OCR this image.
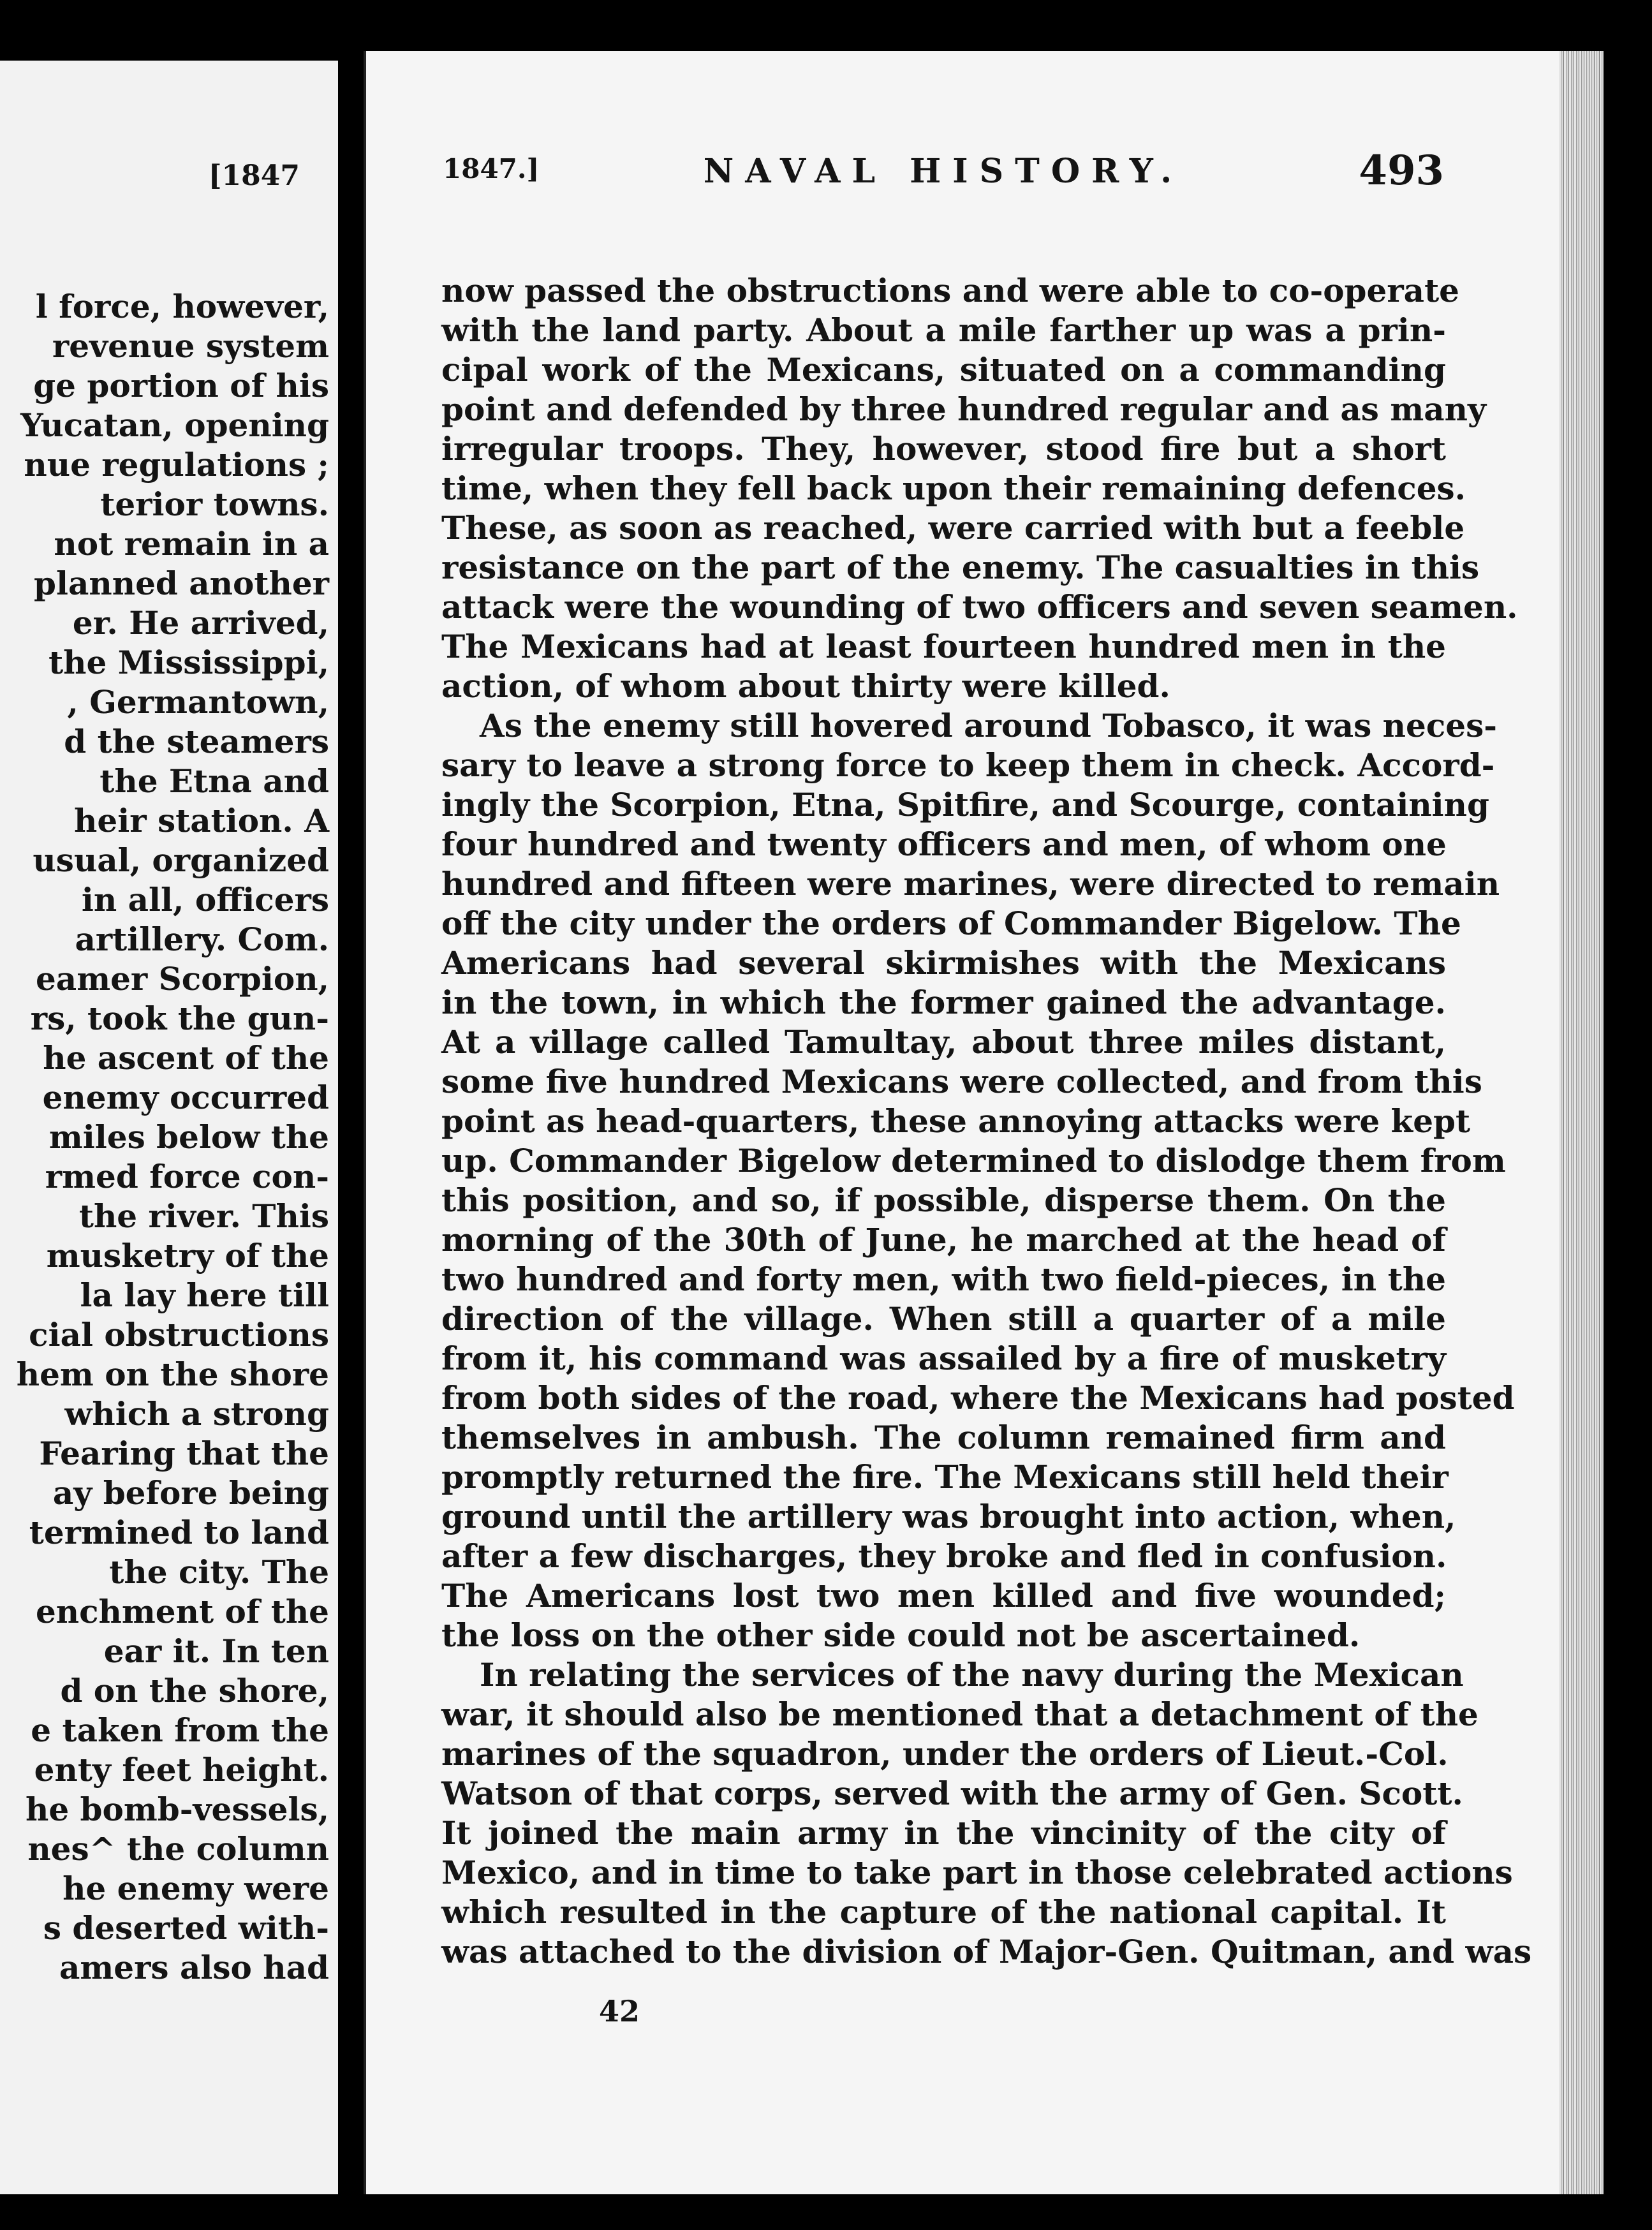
[1847
l force, however,
revenue system
ge portion of his
Yucatan, opening
nue regulations ;
terior towns.
not remain in a
planned another
er. He arrived,
the Mississippi,
, Germantown,
d the steamers
the Etna and
heir station. A
usual, organized
in all, officers
artillery. Com.
eamer Scorpion,
rs, took the gun-
he ascent of the
enemy occurred
miles below the
rmed force con-
the river. This
musketry of the
la lay here till
cial obstructions
hem on the shore
which a strong
Fearing that the
ay before being
termined to land
the city. The
enchment of the
ear it. In ten
d on the shore,
e taken from the
enty feet height.
he bomb-vessels,
nes^ the column
he enemy were
s deserted with-
amers also had
1847.]	NAVAL HISTORY.	493
now passed the obstructions and were able to co-operate
with the land party. About a mile farther up was a prin-
cipal work of the Mexicans, situated on a commanding
point and defended by three hundred regular and as many
irregular troops. They, however, stood fire but a short
time, when they fell back upon their remaining defences.
These, as soon as reached, were carried with but a feeble
resistance on the part of the enemy. The casualties in this
attack were the wounding of two officers and seven seamen.
The Mexicans had at least fourteen hundred men in the
action, of whom about thirty were killed.
As the enemy still hovered around Tobasco, it was neces-
sary to leave a strong force to keep them in check. Accord-
ingly the Scorpion, Etna, Spitfire, and Scourge, containing
four hundred and twenty officers and men, of whom one
hundred and fifteen were marines, were directed to remain
off the city under the orders of Commander Bigelow. The
Americans had several skirmishes with the Mexicans
in the town, in which the former gained the advantage.
At a village called Tamultay, about three miles distant,
some five hundred Mexicans were collected, and from this
point as head-quarters, these annoying attacks were kept
up. Commander Bigelow determined to dislodge them from
this position, and so, if possible, disperse them. On the
morning of the 30th of June, he marched at the head of
two hundred and forty men, with two field-pieces, in the
direction of the village. When still a quarter of a mile
from it, his command was assailed by a fire of musketry
from both sides of the road, where the Mexicans had posted
themselves in ambush. The column remained firm and
promptly returned the fire. The Mexicans still held their
ground until the artillery was brought into action, when,
after a few discharges, they broke and fled in confusion.
The Americans lost two men killed and five wounded;
the loss on the other side could not be ascertained.
In relating the services of the navy during the Mexican
war, it should also be mentioned that a detachment of the
marines of the squadron, under the orders of Lieut.-Col.
Watson of that corps, served with the army of Gen. Scott.
It joined the main army in the vincinity of the city of
Mexico, and in time to take part in those celebrated actions
which resulted in the capture of the national capital. It
was attached to the division of Major-Gen. Quitman, and was
42
